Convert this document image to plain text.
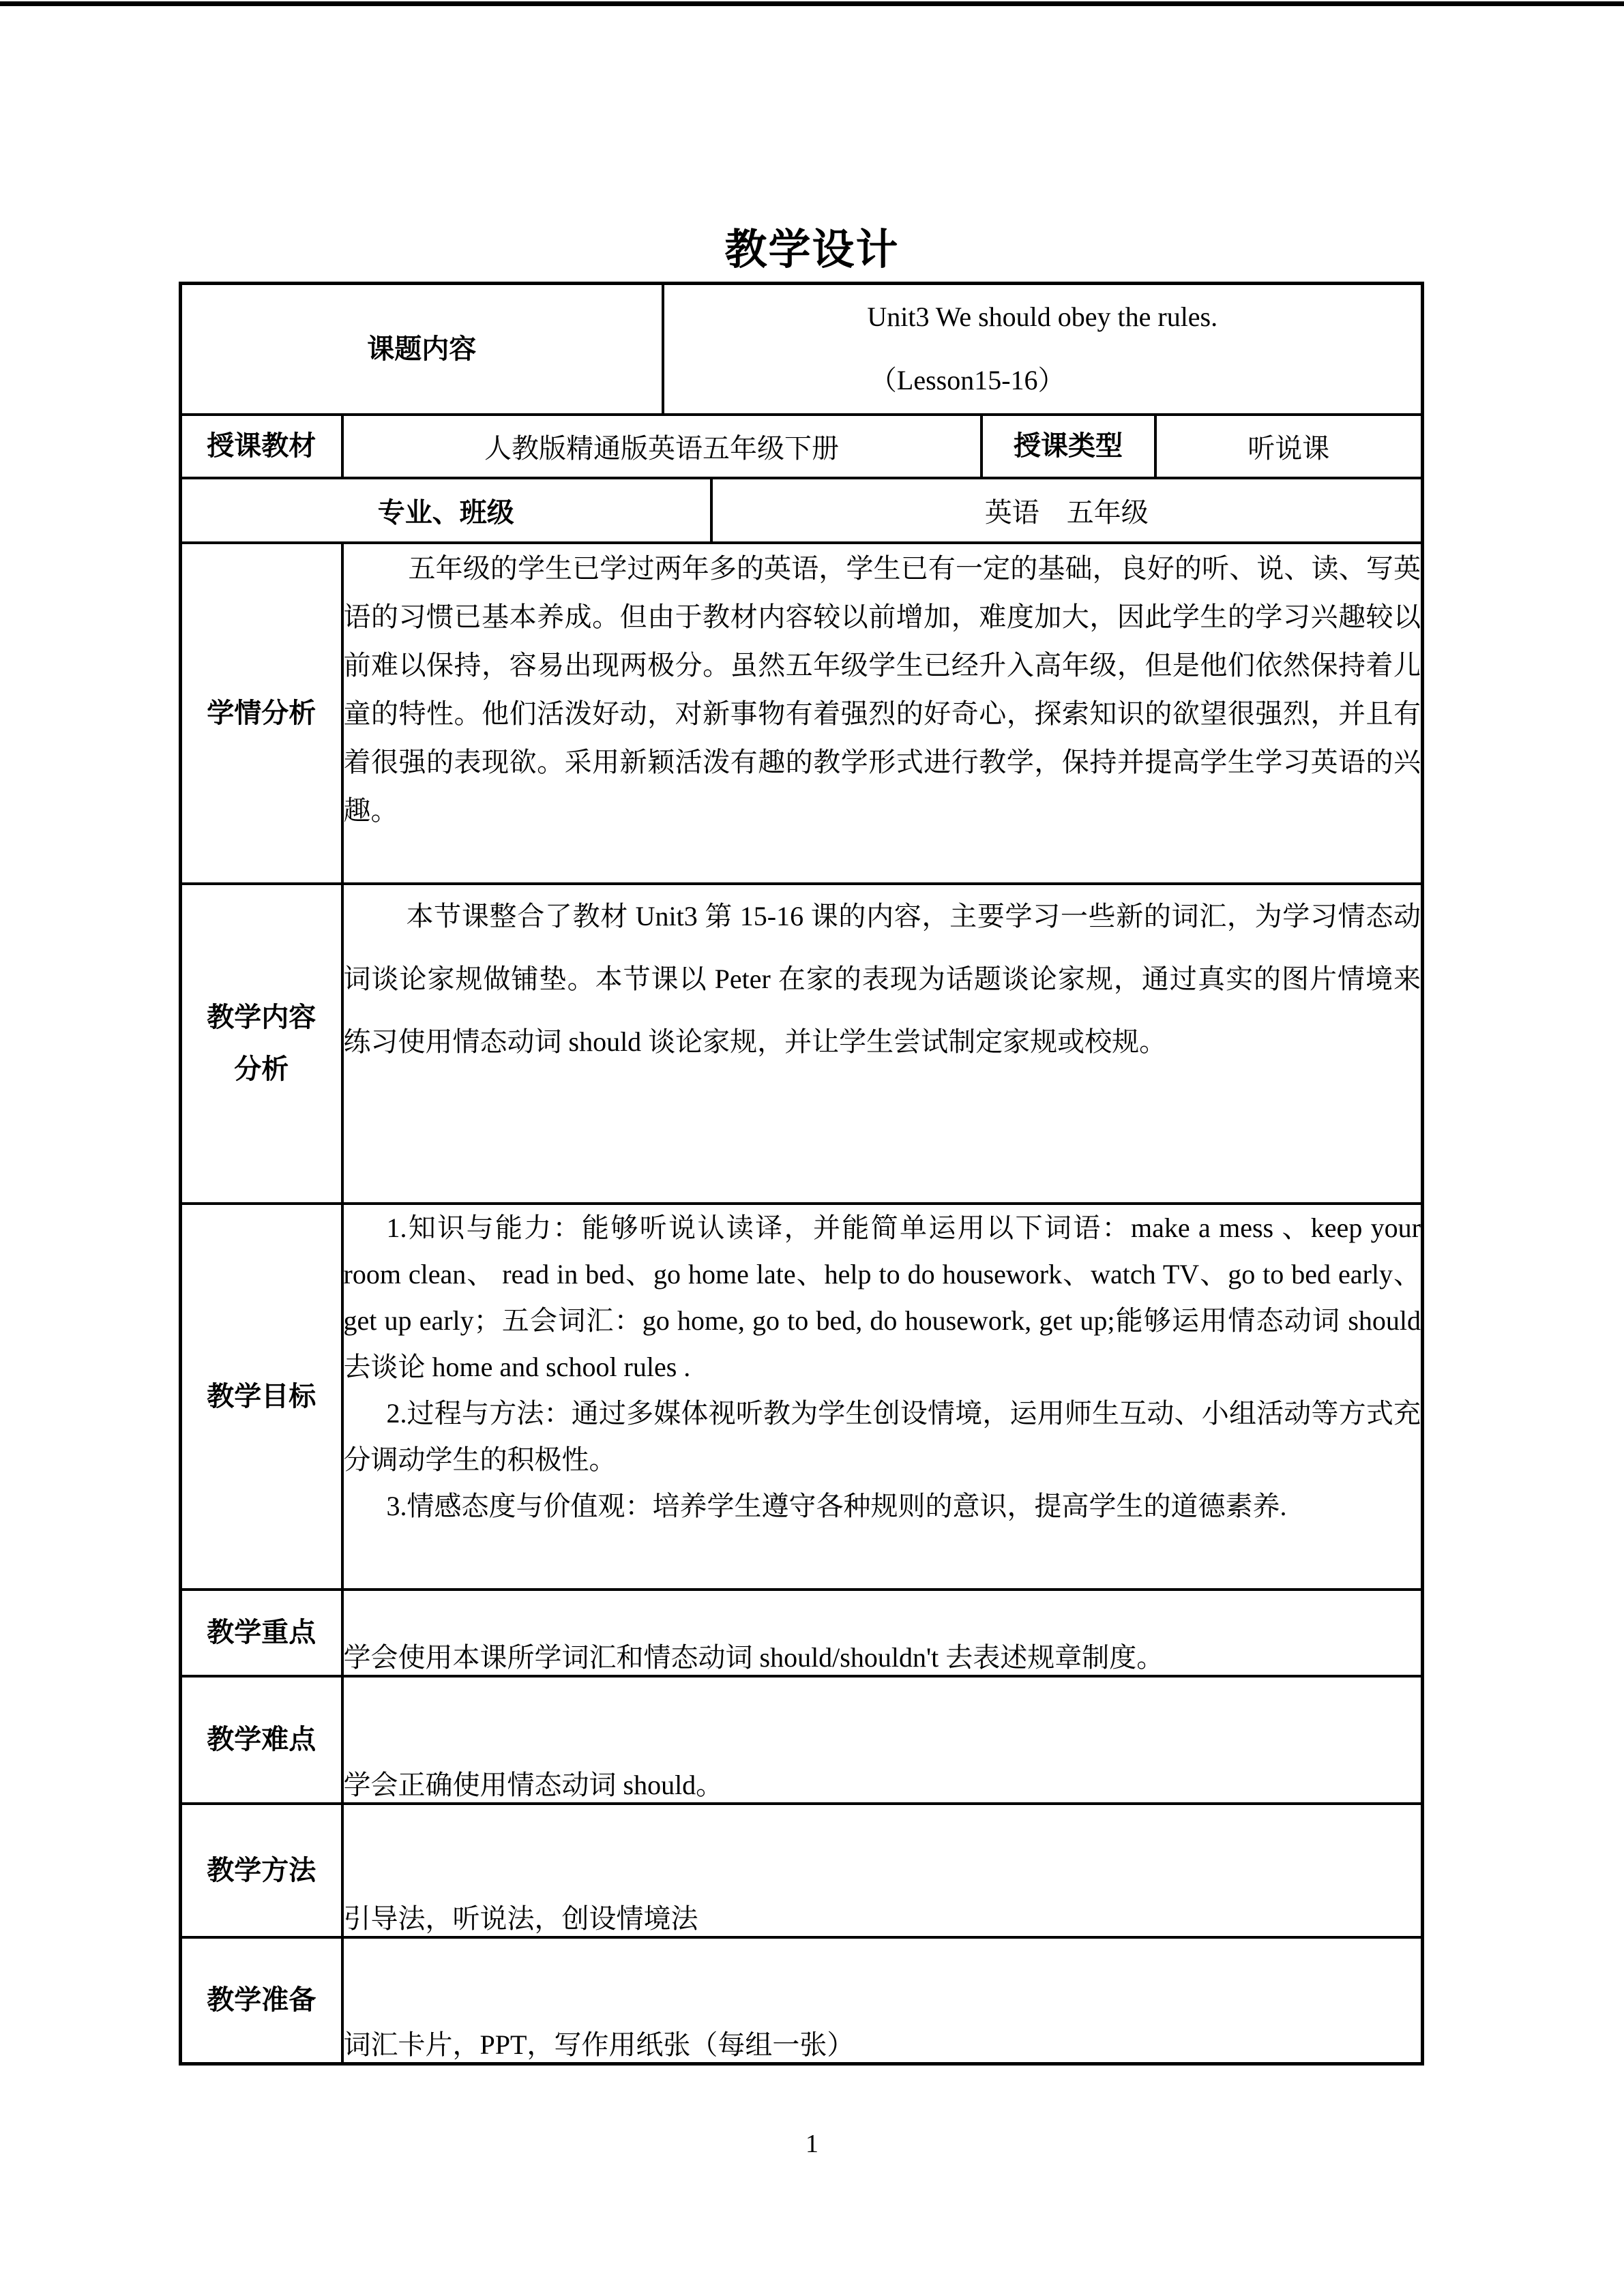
教学设计
课题内容		Unit3 We should obey the rules.
（Lesson15-16）			

授课教材	人教版精通版英语五年级下册			授课类型	听说课
专业、班级			英语　五年级		
学情分析	五年级的学生已学过两年多的英语，学生已有一定的基础，良好的听、说、读、写英语的习惯已基本养成。但由于教材内容较以前增加，难度加大，因此学生的学习兴趣较以前难以保持，容易出现两极分。虽然五年级学生已经升入高年级，但是他们依然保持着儿童的特性。他们活泼好动，对新事物有着强烈的好奇心，探索知识的欲望很强烈，并且有着很强的表现欲。采用新颖活泼有趣的教学形式进行教学，保持并提高学生学习英语的兴趣。				

教学内容分析	本节课整合了教材 Unit3 第 15-16 课的内容，主要学习一些新的词汇，为学习情态动词谈论家规做铺垫。本节课以 Peter 在家的表现为话题谈论家规，通过真实的图片情境来练习使用情态动词 should 谈论家规，并让学生尝试制定家规或校规。				

教学目标	1.知识与能力：能够听说认读译，并能简单运用以下词语：make a mess 、keep your room clean、 read in bed、go home late、help to do housework、watch TV、go to bed early、get up early；五会词汇：go home, go to bed, do housework, get up;能够运用情态动词 should 去谈论 home and school rules .

2.过程与方法：通过多媒体视听教为学生创设情境，运用师生互动、小组活动等方式充分调动学生的积极性。

3.情感态度与价值观：培养学生遵守各种规则的意识，提高学生的道德素养.				

教学重点	学会使用本课所学词汇和情态动词 should/shouldn't 去表述规章制度。				

教学难点	学会正确使用情态动词 should。				

教学方法	引导法，听说法，创设情境法				

教学准备	词汇卡片，PPT，写作用纸张（每组一张）				

1
